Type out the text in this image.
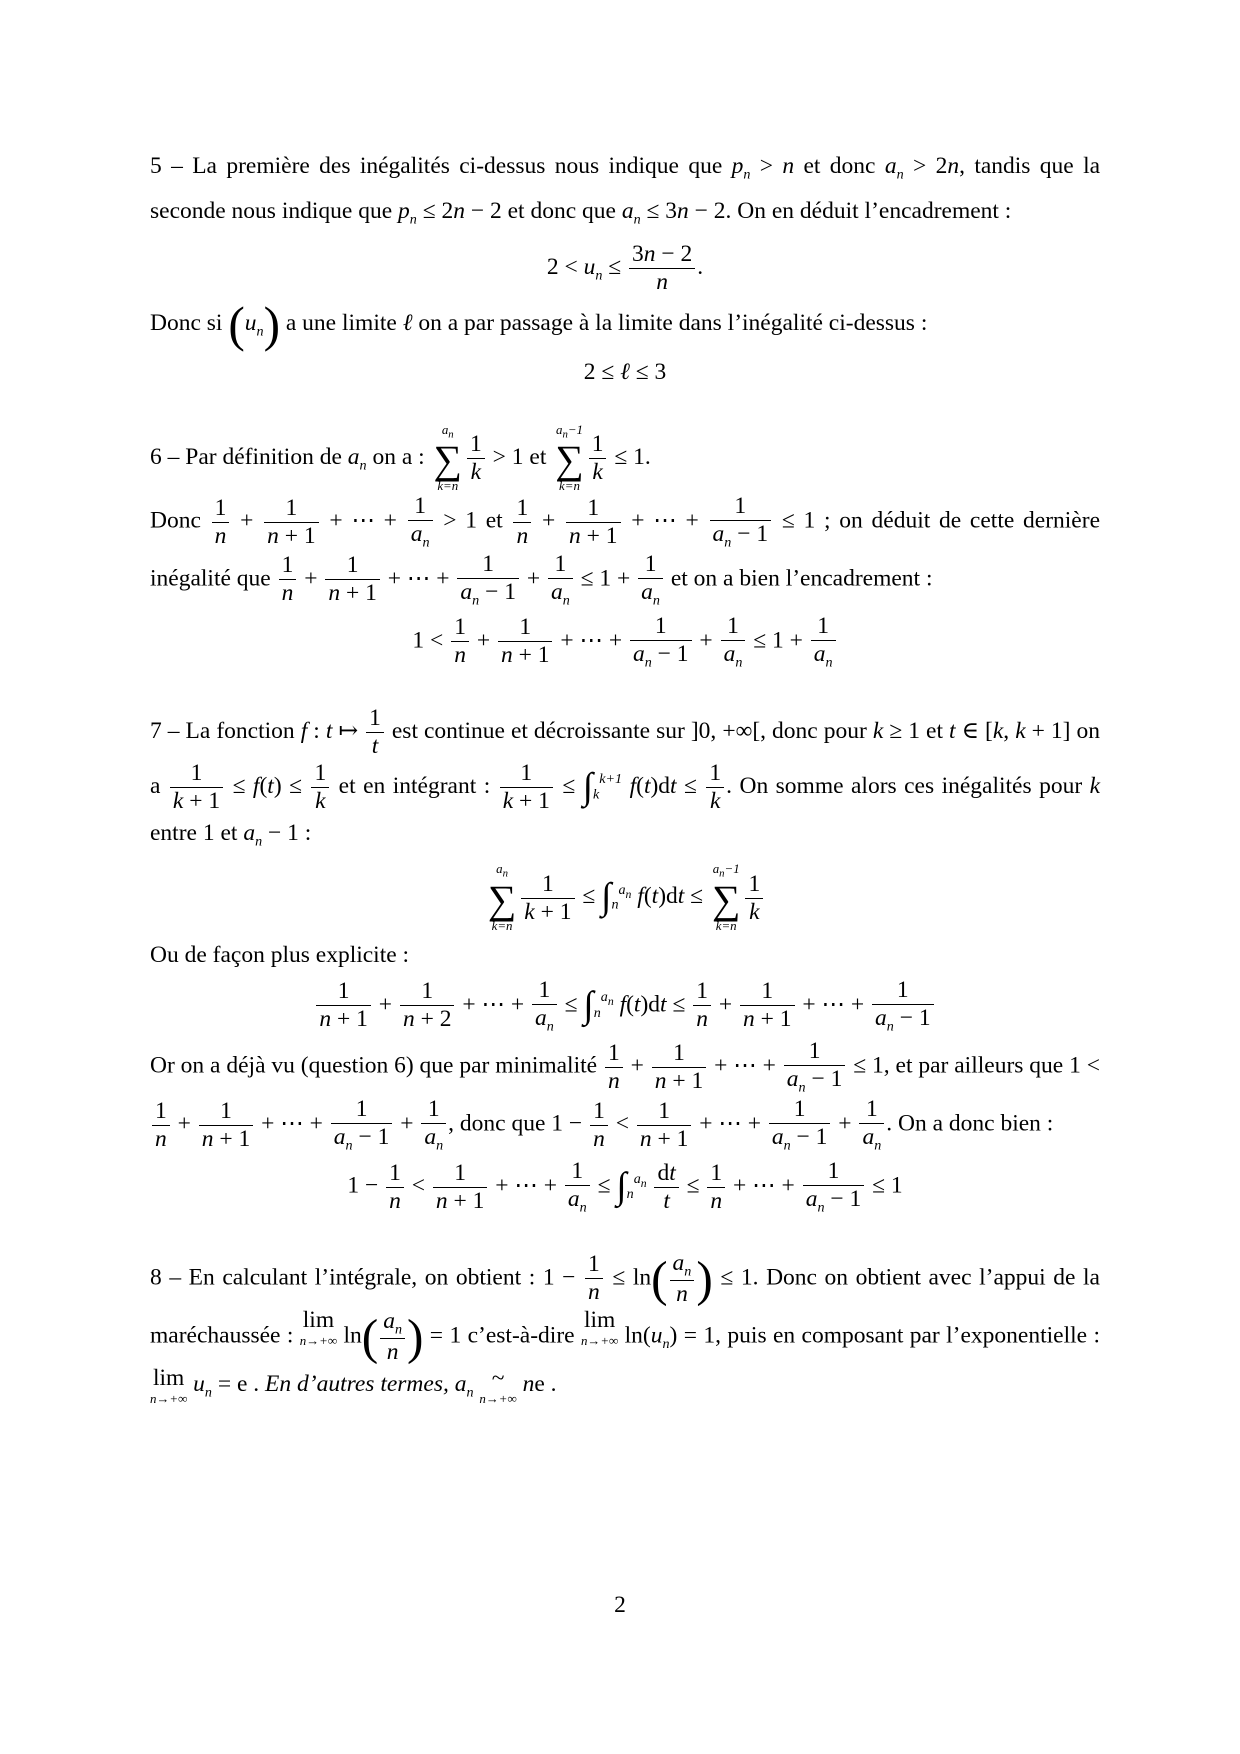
5 – La première des inégalités ci-dessus nous indique que $p_n > n$ et donc $a_n > 2n$, tandis que la seconde nous indique que $p_n \le 2n - 2$ et donc que $a_n \le 3n - 2$. On en déduit l’encadrement :

$2 < u_n \le \frac{3n - 2}{n}$ .

Donc si $(u_n)$ a une limite ℓ on a par passage à la limite dans l’inégalité ci-dessus :

2 ≤ ℓ ≤ 3

6 – Par définition de $a_n$ on a :
$a_n$
∑
$k=n \frac{1}{k} > 1$ et
$a_n-1$
∑
$k=n \frac{1}{k} \le 1$.

Donc $\frac{1}{n} + \frac{1}{n + 1}$ + ⋯ + $\frac{1}{a_n} > 1$ et $\frac{1}{n} + \frac{1}{n + 1}$ + ⋯ + $\frac{1}{a_n - 1} \le 1$ ; on déduit de cette dernière inégalité que $\frac{1}{n} + \frac{1}{n + 1}$ + ⋯ + $\frac{1}{a_n - 1} + \frac{1}{a_n} \le 1 + \frac{1}{a_n}$ et on a bien l’encadrement :

$1 < \frac{1}{n} + \frac{1}{n + 1}$ + ⋯ + $\frac{1}{a_n - 1} + \frac{1}{a_n} \le 1 + \frac{1}{a_n}$

7 – La fonction f : t ↦ $\frac{1}{t}$ est continue et décroissante sur ]0, +∞[, donc pour k ≥ 1 et t ∈ [k, k + 1] on a $\frac{1}{k + 1} \le f(t) \le \frac{1}{k}$ et en intégrant : $\frac{1}{k + 1} \le \int_k^{k+1}$ $f(t)dt \le \frac{1}{k}$ . On somme alors ces inégalités pour k entre 1 et $a_n - 1$ :

$a_n$
∑
$k=n \frac{1}{k + 1} \le \int_n^{a_n}$ f(t)dt ≤
$a_n-1$
∑
$k=n \frac{1}{k}$

Ou de façon plus explicite :

$\frac{1}{n + 1} + \frac{1}{n + 2}$ + ⋯ + $\frac{1}{a_n} \le \int_n^{a_n}$ $f(t)dt \le \frac{1}{n} + \frac{1}{n + 1}$ + ⋯ + $\frac{1}{a_n - 1}$

Or on a déjà vu (question 6) que par minimalité $\frac{1}{n} + \frac{1}{n + 1}$ + ⋯ + $\frac{1}{a_n - 1} \le 1$, et par ailleurs que 1 <
$\frac{1}{n} + \frac{1}{n + 1}$ + ⋯ + $\frac{1}{a_n - 1} + \frac{1}{a_n}$ , donc que $1 - \frac{1}{n} < \frac{1}{n + 1}$ + ⋯ + $\frac{1}{a_n - 1} + \frac{1}{a_n}$ . On a donc bien :

$1 - \frac{1}{n} < \frac{1}{n + 1}$ + ⋯ + $\frac{1}{a_n} \le \int_n^{a_n} \frac{dt}{t} \le \frac{1}{n}$ + ⋯ + $\frac{1}{a_n - 1} \le 1$

8 – En calculant l’intégrale, on obtient : $1 - \frac{1}{n} \le \ln( \frac{a_n}{n}$ ) ≤ 1. Donc on obtient avec l’appui de la maréchaussée : lim
n→+∞ $\ln( \frac{a_n}{n}$ ) = 1 c’est-à-dire lim
n→+∞ $\ln(u_n) = 1$, puis en composant par l’exponentielle : lim
n→+∞
$u_n = e$ . En d’autres termes, $a_n$ ~
n→+∞
ne .

2
